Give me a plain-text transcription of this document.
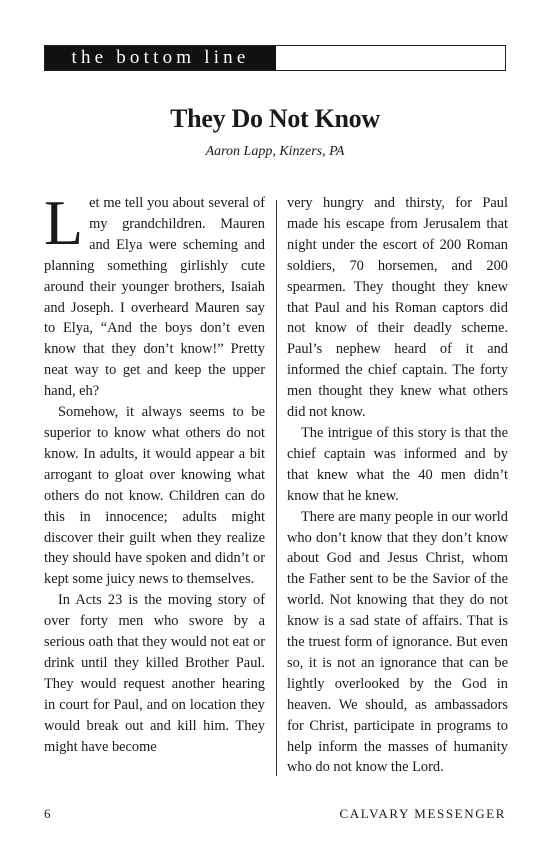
the bottom line
They Do Not Know

Aaron Lapp, Kinzers, PA

Let me tell you about several of my grandchildren. Mauren and Elya were scheming and planning something girlishly cute around their younger brothers, Isaiah and Joseph. I overheard Mauren say to Elya, “And the boys don’t even know that they don’t know!” Pretty neat way to get and keep the upper hand, eh?

Somehow, it always seems to be superior to know what others do not know. In adults, it would appear a bit arrogant to gloat over knowing what others do not know. Children can do this in innocence; adults might discover their guilt when they realize they should have spoken and didn’t or kept some juicy news to themselves.

In Acts 23 is the moving story of over forty men who swore by a serious oath that they would not eat or drink until they killed Brother Paul. They would request another hearing in court for Paul, and on location they would break out and kill him. They might have become

very hungry and thirsty, for Paul made his escape from Jerusalem that night under the escort of 200 Roman soldiers, 70 horsemen, and 200 spearmen. They thought they knew that Paul and his Roman captors did not know of their deadly scheme. Paul’s nephew heard of it and informed the chief captain. The forty men thought they knew what others did not know.

The intrigue of this story is that the chief captain was informed and by that knew what the 40 men didn’t know that he knew.

There are many people in our world who don’t know that they don’t know about God and Jesus Christ, whom the Father sent to be the Savior of the world. Not knowing that they do not know is a sad state of affairs. That is the truest form of ignorance. But even so, it is not an ignorance that can be lightly overlooked by the God in heaven. We should, as ambassadors for Christ, participate in programs to help inform the masses of humanity who do not know the Lord.

6	CALVARY MESSENGER
